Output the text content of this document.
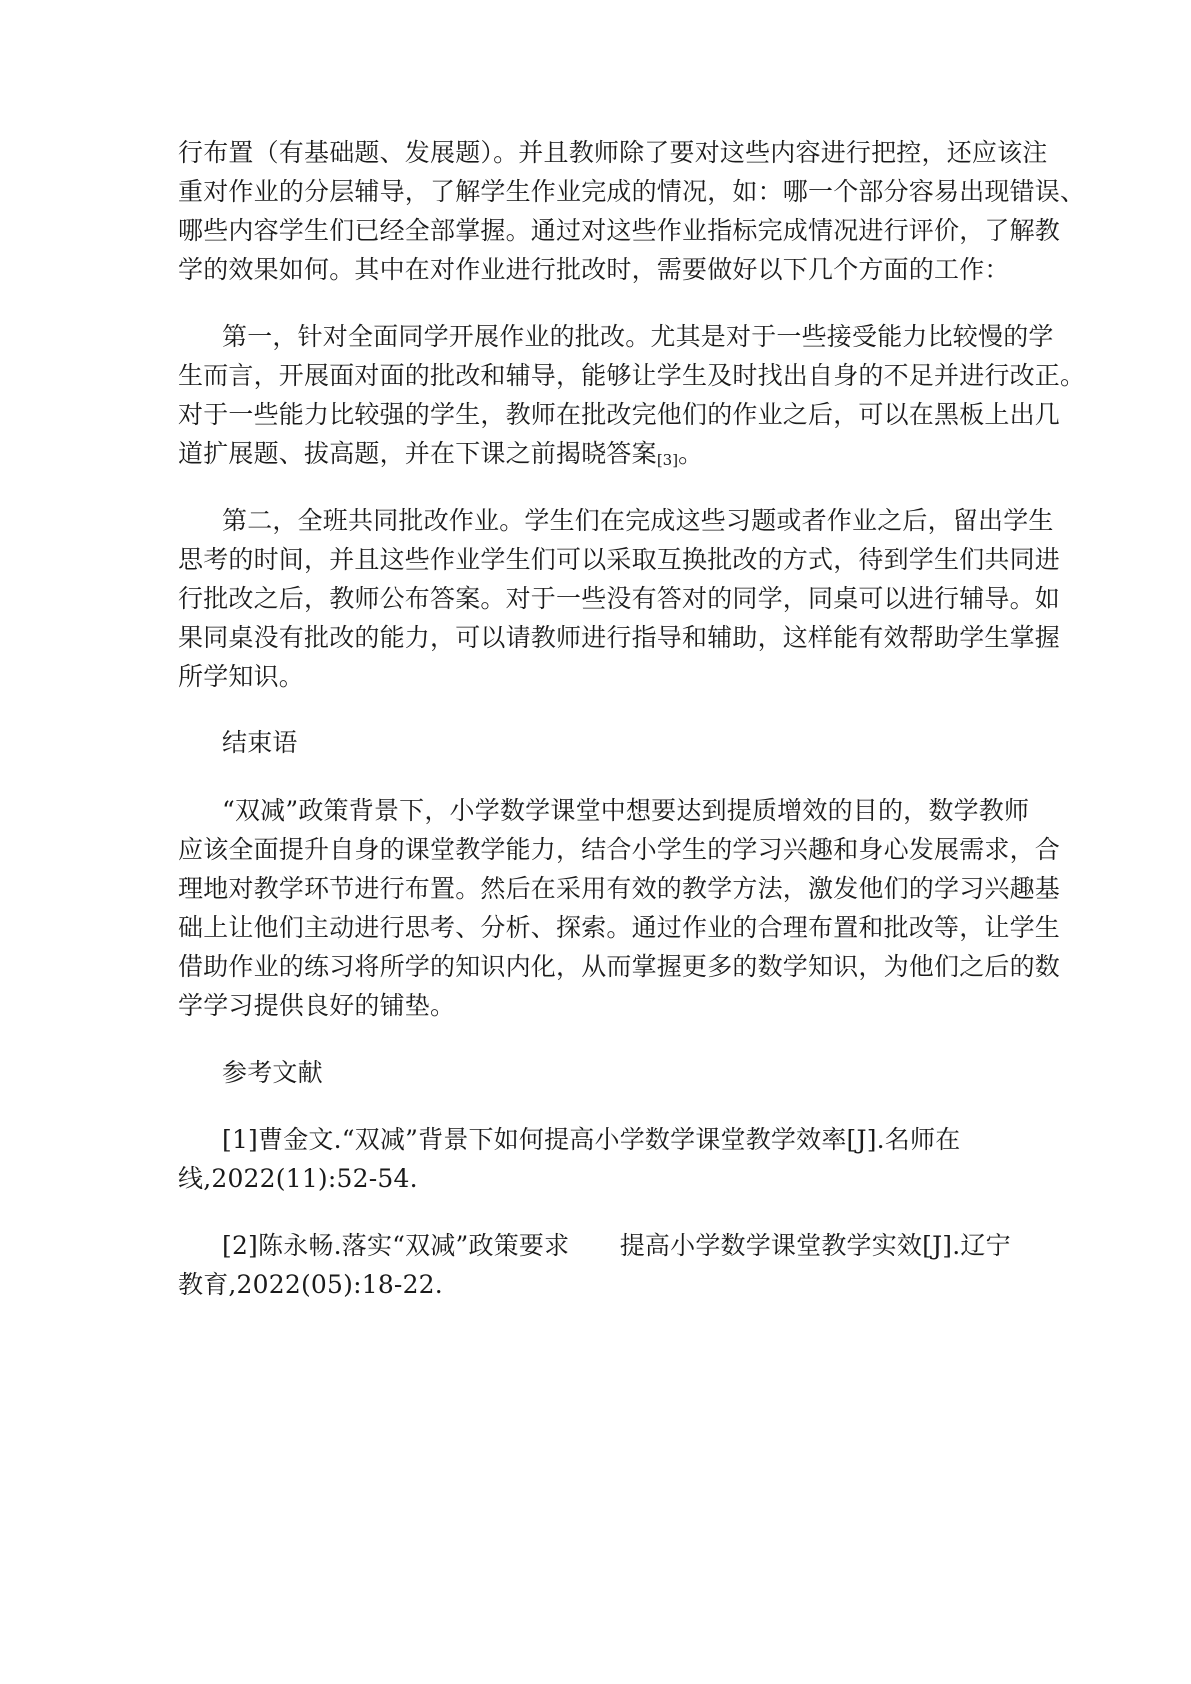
行布置（有基础题、发展题）。并且教师除了要对这些内容进行把控，还应该注
重对作业的分层辅导，了解学生作业完成的情况，如：哪一个部分容易出现错误、
哪些内容学生们已经全部掌握。通过对这些作业指标完成情况进行评价，了解教
学的效果如何。其中在对作业进行批改时，需要做好以下几个方面的工作：
第一，针对全面同学开展作业的批改。尤其是对于一些接受能力比较慢的学
生而言，开展面对面的批改和辅导，能够让学生及时找出自身的不足并进行改正。
对于一些能力比较强的学生，教师在批改完他们的作业之后，可以在黑板上出几
道扩展题、拔高题，并在下课之前揭晓答案$_{[3]}$。
第二，全班共同批改作业。学生们在完成这些习题或者作业之后，留出学生
思考的时间，并且这些作业学生们可以采取互换批改的方式，待到学生们共同进
行批改之后，教师公布答案。对于一些没有答对的同学，同桌可以进行辅导。如
果同桌没有批改的能力，可以请教师进行指导和辅助，这样能有效帮助学生掌握
所学知识。
结束语
“双减”政策背景下，小学数学课堂中想要达到提质增效的目的，数学教师
应该全面提升自身的课堂教学能力，结合小学生的学习兴趣和身心发展需求，合
理地对教学环节进行布置。然后在采用有效的教学方法，激发他们的学习兴趣基
础上让他们主动进行思考、分析、探索。通过作业的合理布置和批改等，让学生
借助作业的练习将所学的知识内化，从而掌握更多的数学知识，为他们之后的数
学学习提供良好的铺垫。
参考文献
[1]曹金文.“双减”背景下如何提高小学数学课堂教学效率[J].名师在
线,2022(11):52-54.
[2]陈永畅.落实“双减”政策要求　　提高小学数学课堂教学实效[J].辽宁
教育,2022(05):18-22.
